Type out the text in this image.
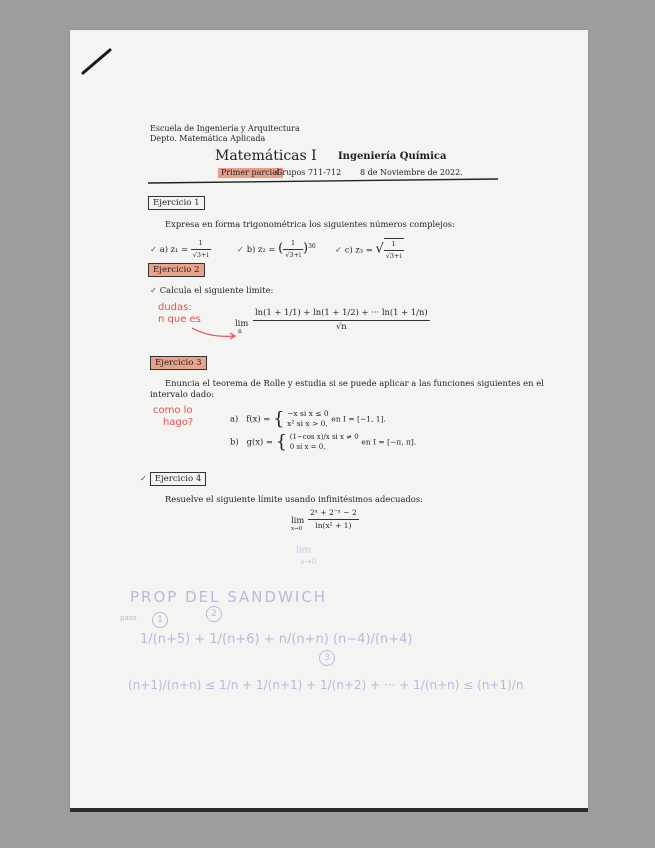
Escuela de Ingeniería y Arquitectura
Depto. Matemática Aplicada
Matemáticas I Ingeniería Química
Primer parcial
Grupos 711-712 8 de Noviembre de 2022.
Ejercicio 1
Expresa en forma trigonométrica los siguientes números complejos:
✓ a) $z_1 = \frac{1}{√3+i}$	✓ b) z₂ = ( $\frac{1}{√3+i} )^{36}$ ✓ c) z₃ = √ $\frac{1}{√3+i}$
Ejercicio 2
✓ Calcula el siguiente límite:
dudas:
n que es	lim
n	$\frac{\ln(1 + 1/1) + \ln(1 + 1/2) + \cdot\cdot\cdot \ln(1 + 1/n)}{√n}$
Ejercicio 3
Enuncia el teorema de Rolle y estudia si se puede aplicar a las funciones siguientes en el
intervalo dado:
como lo
hago?	a) f(x) = { −x si x ≤ 0
x² si x > 0, en I = [−1, 1].
b) g(x) = { (1−cos x)/x si x ≠ 0
0 si x = 0,
en I = [−π, π].
✓ Ejercicio 4
Resuelve el siguiente límite usando infinitésimos adecuados:
lim
$x\to 0 \frac{\text{2ˣ + 2⁻ˣ − 2}}{\text{ln(x² + 1)}}$
lim
x→0
PROP DEL SANDWICH
paso	1
2
3
1/(n+5) + 1/(n+6) + n/(n+n) (n−4)/(n+4)
(n+1)/(n+n) ≤ 1/n + 1/(n+1) + 1/(n+2) + ··· + 1/(n+n) ≤ (n+1)/n
